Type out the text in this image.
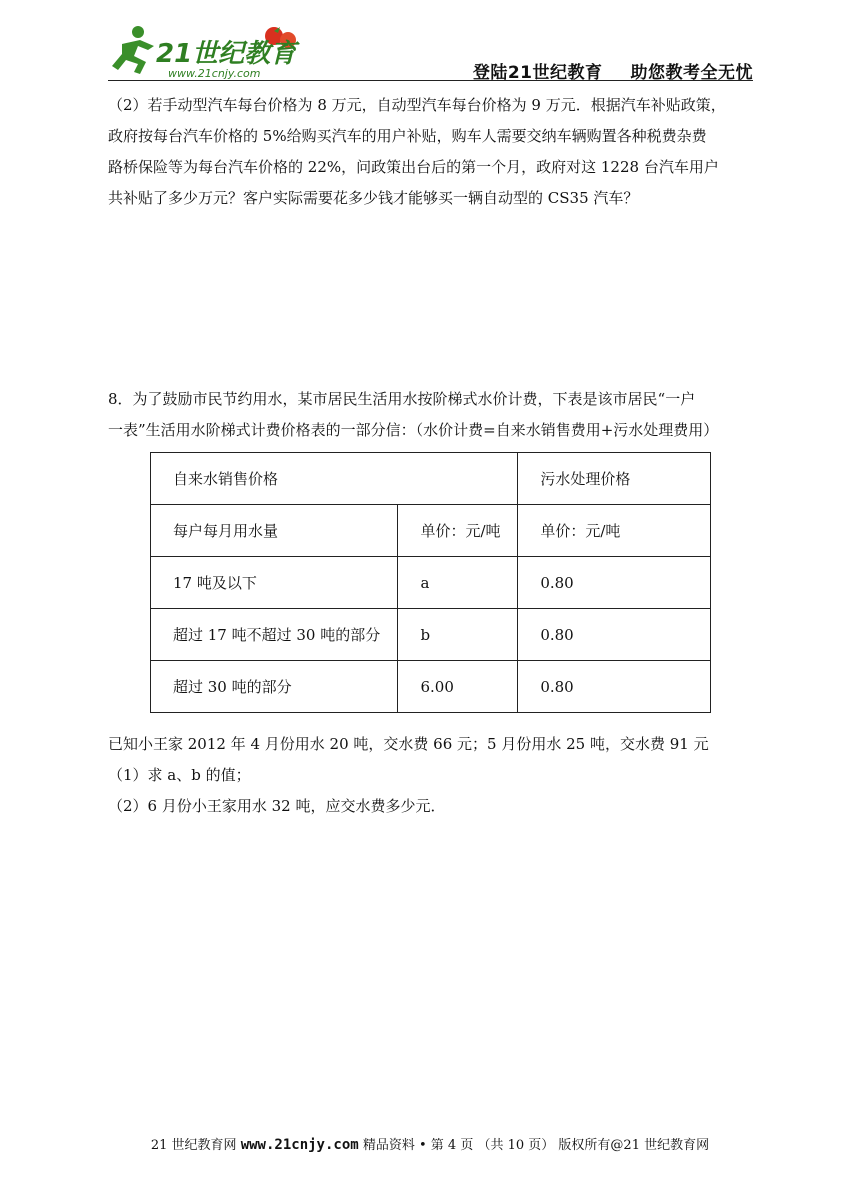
21世纪教育
www.21cnjy.com	登陆21世纪教育 助您教考全无忧
（2）若手动型汽车每台价格为 8 万元，自动型汽车每台价格为 9 万元．根据汽车补贴政策，
政府按每台汽车价格的 5%给购买汽车的用户补贴，购车人需要交纳车辆购置各种税费杂费
路桥保险等为每台汽车价格的 22%，问政策出台后的第一个月，政府对这 1228 台汽车用户
共补贴了多少万元？客户实际需要花多少钱才能够买一辆自动型的 CS35 汽车？
8．为了鼓励市民节约用水，某市居民生活用水按阶梯式水价计费，下表是该市居民“一户
一表”生活用水阶梯式计费价格表的一部分信：（水价计费=自来水销售费用+污水处理费用）
自来水销售价格		污水处理价格
每户每月用水量	单价：元/吨	单价：元/吨
17 吨及以下	a	0.80
超过 17 吨不超过 30 吨的部分	b	0.80
超过 30 吨的部分	6.00	0.80
已知小王家 2012 年 4 月份用水 20 吨，交水费 66 元；5 月份用水 25 吨，交水费 91 元
（1）求 a、b 的值；
（2）6 月份小王家用水 32 吨，应交水费多少元．
21 世纪教育网 www.21cnjy.com 精品资料 • 第 4 页 （共 10 页） 版权所有@21 世纪教育网
